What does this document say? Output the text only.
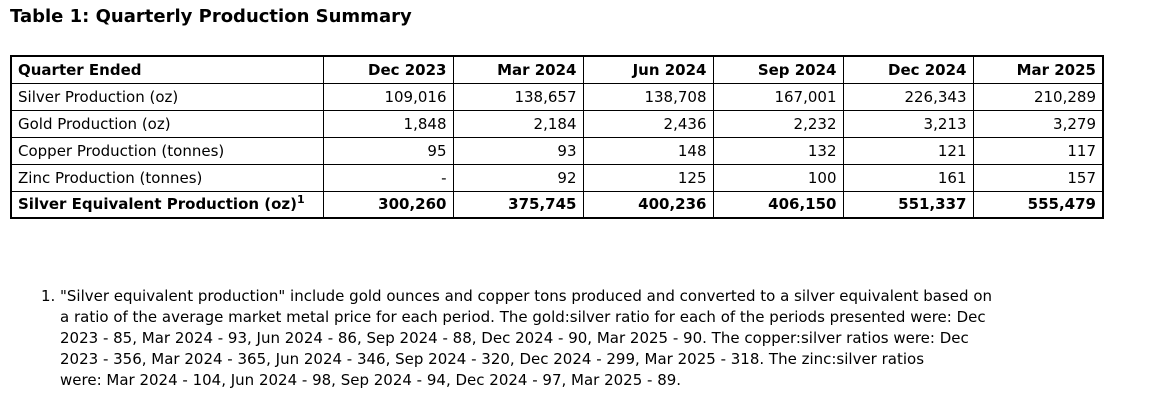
Table 1: Quarterly Production Summary
Quarter Ended	Dec 2023	Mar 2024	Jun 2024	Sep 2024	Dec 2024	Mar 2025
Silver Production (oz)	109,016	138,657	138,708	167,001	226,343	210,289
Gold Production (oz)	1,848	2,184	2,436	2,232	3,213	3,279
Copper Production (tonnes)	95	93	148	132	121	117
Zinc Production (tonnes)	-	92	125	100	161	157
Silver Equivalent Production (oz)$^1$	300,260	375,745	400,236	406,150	551,337	555,479
1. "Silver equivalent production" include gold ounces and copper tons produced and converted to a silver equivalent based on
a ratio of the average market metal price for each period. The gold:silver ratio for each of the periods presented were: Dec
2023 - 85, Mar 2024 - 93, Jun 2024 - 86, Sep 2024 - 88, Dec 2024 - 90, Mar 2025 - 90. The copper:silver ratios were: Dec
2023 - 356, Mar 2024 - 365, Jun 2024 - 346, Sep 2024 - 320, Dec 2024 - 299, Mar 2025 - 318. The zinc:silver ratios
were: Mar 2024 - 104, Jun 2024 - 98, Sep 2024 - 94, Dec 2024 - 97, Mar 2025 - 89.
